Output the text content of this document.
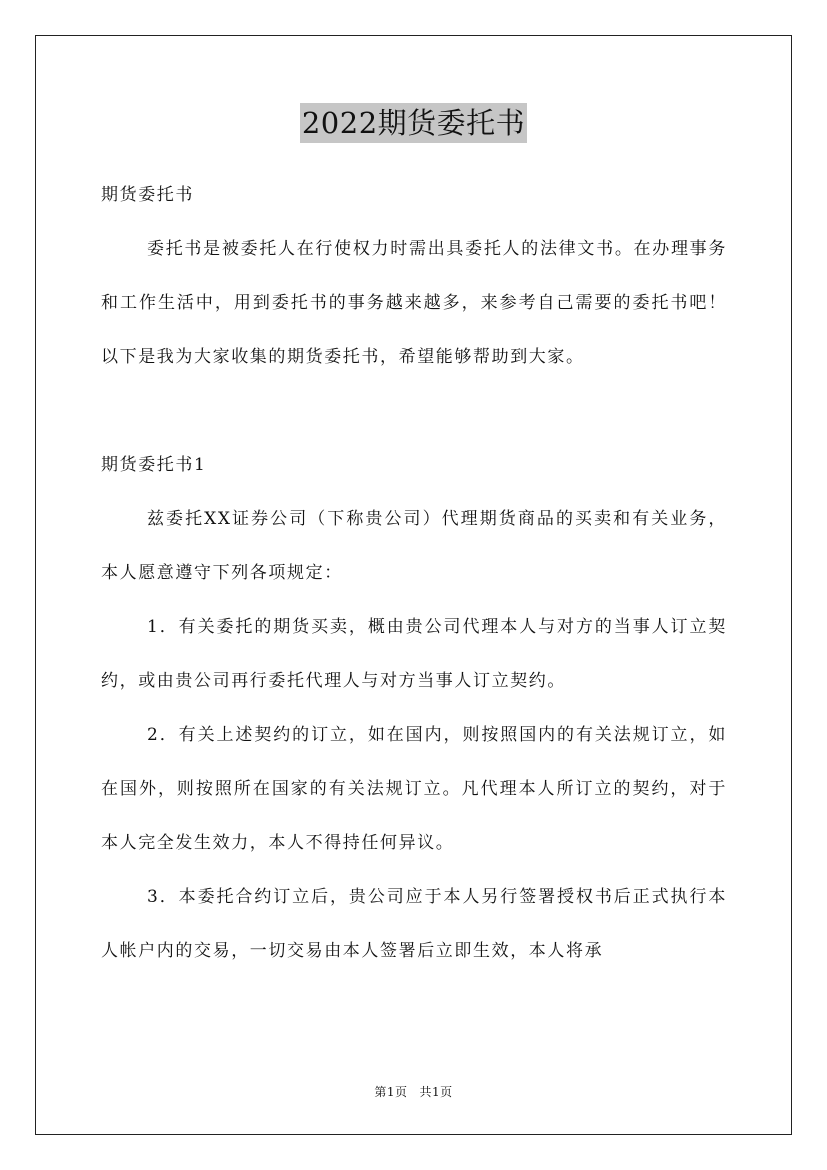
2022期货委托书

期货委托书

委托书是被委托人在行使权力时需出具委托人的法律文书。在办理事务和工作生活中，用到委托书的事务越来越多，来参考自己需要的委托书吧！以下是我为大家收集的期货委托书，希望能够帮助到大家。

期货委托书1

兹委托XX证券公司（下称贵公司）代理期货商品的买卖和有关业务，本人愿意遵守下列各项规定：

1．有关委托的期货买卖，概由贵公司代理本人与对方的当事人订立契约，或由贵公司再行委托代理人与对方当事人订立契约。

2．有关上述契约的订立，如在国内，则按照国内的有关法规订立，如在国外，则按照所在国家的有关法规订立。凡代理本人所订立的契约，对于本人完全发生效力，本人不得持任何异议。

3．本委托合约订立后，贵公司应于本人另行签署授权书后正式执行本人帐户内的交易，一切交易由本人签署后立即生效，本人将承

第1页 共1页
